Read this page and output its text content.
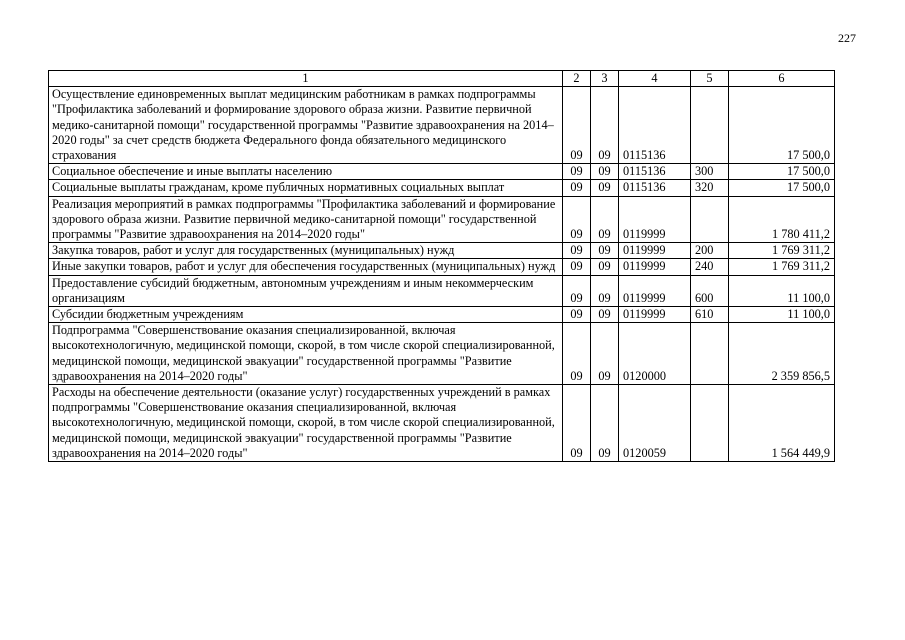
227
1	2	3	4	5	6
Осуществление единовременных выплат медицинским работникам в рамках подпрограммы "Профилактика заболеваний и формирование здорового образа жизни. Развитие первичной медико-санитарной помощи" государственной программы "Развитие здравоохранения на 2014–2020 годы" за счет средств бюджета Федерального фонда обязательного медицинского страхования	09	09	0115136		17 500,0
Социальное обеспечение и иные выплаты населению	09	09	0115136	300	17 500,0
Социальные выплаты гражданам, кроме публичных нормативных социальных выплат	09	09	0115136	320	17 500,0
Реализация мероприятий в рамках подпрограммы "Профилактика заболеваний и формирование здорового образа жизни. Развитие первичной медико-санитарной помощи" государственной программы "Развитие здравоохранения на 2014–2020 годы"	09	09	0119999		1 780 411,2
Закупка товаров, работ и услуг для государственных (муниципальных) нужд	09	09	0119999	200	1 769 311,2
Иные закупки товаров, работ и услуг для обеспечения государственных (муниципальных) нужд	09	09	0119999	240	1 769 311,2
Предоставление субсидий бюджетным, автономным учреждениям и иным некоммерческим организациям	09	09	0119999	600	11 100,0
Субсидии бюджетным учреждениям	09	09	0119999	610	11 100,0
Подпрограмма "Совершенствование оказания специализированной, включая высокотехнологичную, медицинской помощи, скорой, в том числе скорой специализированной, медицинской помощи, медицинской эвакуации" государственной программы "Развитие здравоохранения на 2014–2020 годы"	09	09	0120000		2 359 856,5
Расходы на обеспечение деятельности (оказание услуг) государственных учреждений в рамках подпрограммы "Совершенствование оказания специализированной, включая высокотехнологичную, медицинской помощи, скорой, в том числе скорой специализированной, медицинской помощи, медицинской эвакуации" государственной программы "Развитие здравоохранения на 2014–2020 годы"	09	09	0120059		1 564 449,9
